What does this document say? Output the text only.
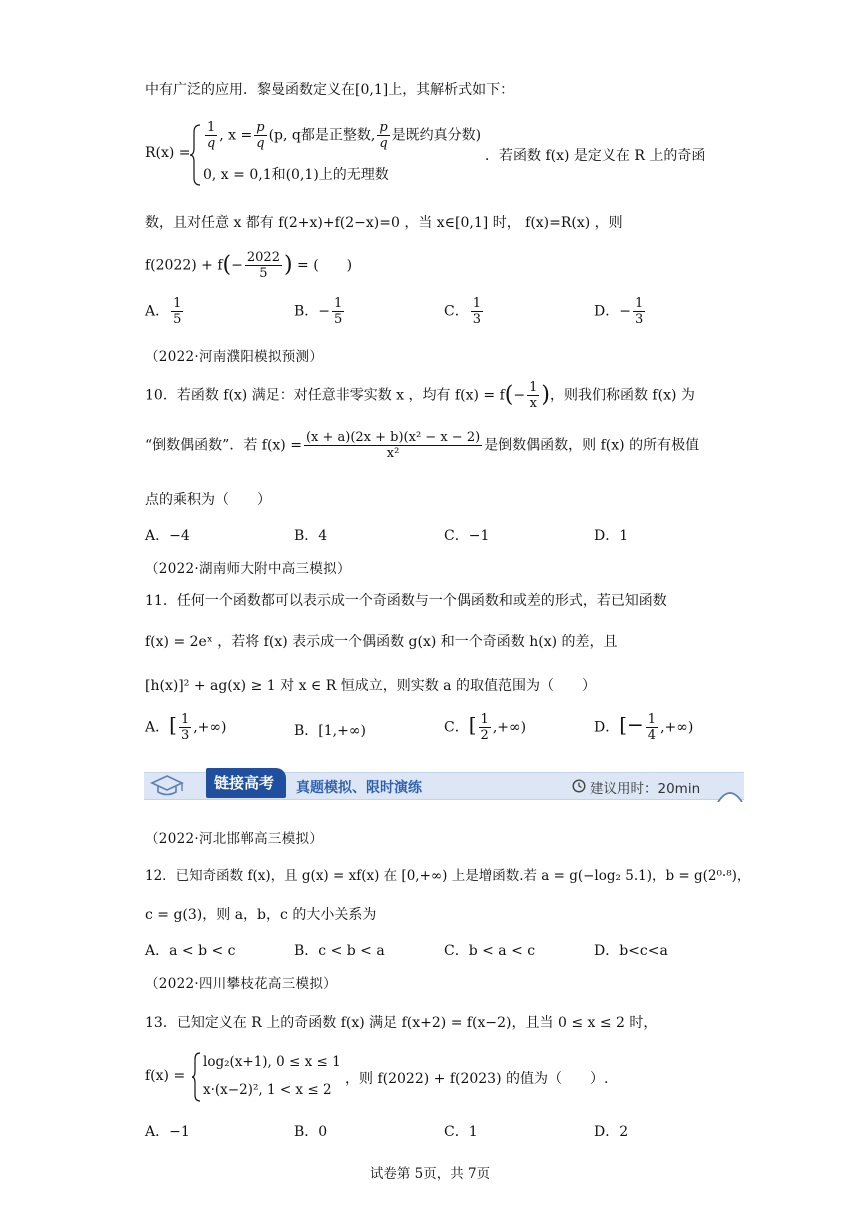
中有广泛的应用．黎曼函数定义在[0,1]上，其解析式如下：
R(x) =
$\frac{1}{q}$ , $x = \frac{p}{q} (p$, q都是正整数, $\frac{p}{q}$ 是既约真分数)
0, x = 0,1和(0,1)上的无理数
．若函数 f(x) 是定义在 R 上的奇函
数，且对任意 x 都有 f(2+x)+f(2−x)=0 ，当 x∈[0,1] 时， f(x)=R(x) ，则
$f(2022) + f(- \frac{2022}{5}$ ) = (　　)
A． $\frac{1}{5}$	B．− $\frac{1}{5}$	C． $\frac{1}{3}$	D．− $\frac{1}{3}$
（2022·河南濮阳模拟预测）
10．若函数 f(x) 满足：对任意非零实数 x ，均有 $f(x) = f(- \frac{1}{x}$ )，则我们称函数 f(x) 为
“倒数偶函数”．若 $f(x) = \frac{\text{(x + a)(2x + b)(x² − x − 2)}}{\text{x²}}$ 是倒数偶函数，则 f(x) 的所有极值
点的乘积为（　　）
A．−4	B．4	C．−1	D．1
（2022·湖南师大附中高三模拟）
11．任何一个函数都可以表示成一个奇函数与一个偶函数和或差的形式，若已知函数
f(x) = 2eˣ ，若将 f(x) 表示成一个偶函数 g(x) 和一个奇函数 h(x) 的差，且
[h(x)]² + ag(x) ≥ 1 对 x ∈ R 恒成立，则实数 a 的取值范围为（　　）
A．[ $\frac{1}{3}$ ,+∞)	B．[1,+∞)	C．[ $\frac{1}{2}$ ,+∞)	D．[− $\frac{1}{4}$ ,+∞)
链接高考 真题模拟、限时演练	建议用时：20min
（2022·河北邯郸高三模拟）
12．已知奇函数 f(x)，且 g(x) = xf(x) 在 [0,+∞) 上是增函数.若 a = g(−log₂ 5.1)，b = g(2⁰·⁸)，
c = g(3)，则 a，b，c 的大小关系为
A．a < b < c	B．c < b < a	C．b < a < c	D．b<c<a
（2022·四川攀枝花高三模拟）
13．已知定义在 R 上的奇函数 f(x) 满足 f(x+2) = f(x−2)，且当 0 ≤ x ≤ 2 时，
f(x) =
log₂(x+1), 0 ≤ x ≤ 1
x·(x−2)², 1 < x ≤ 2
，则 f(2022) + f(2023) 的值为（　　）.
A．−1	B．0	C．1	D．2
试卷第 5页，共 7页
